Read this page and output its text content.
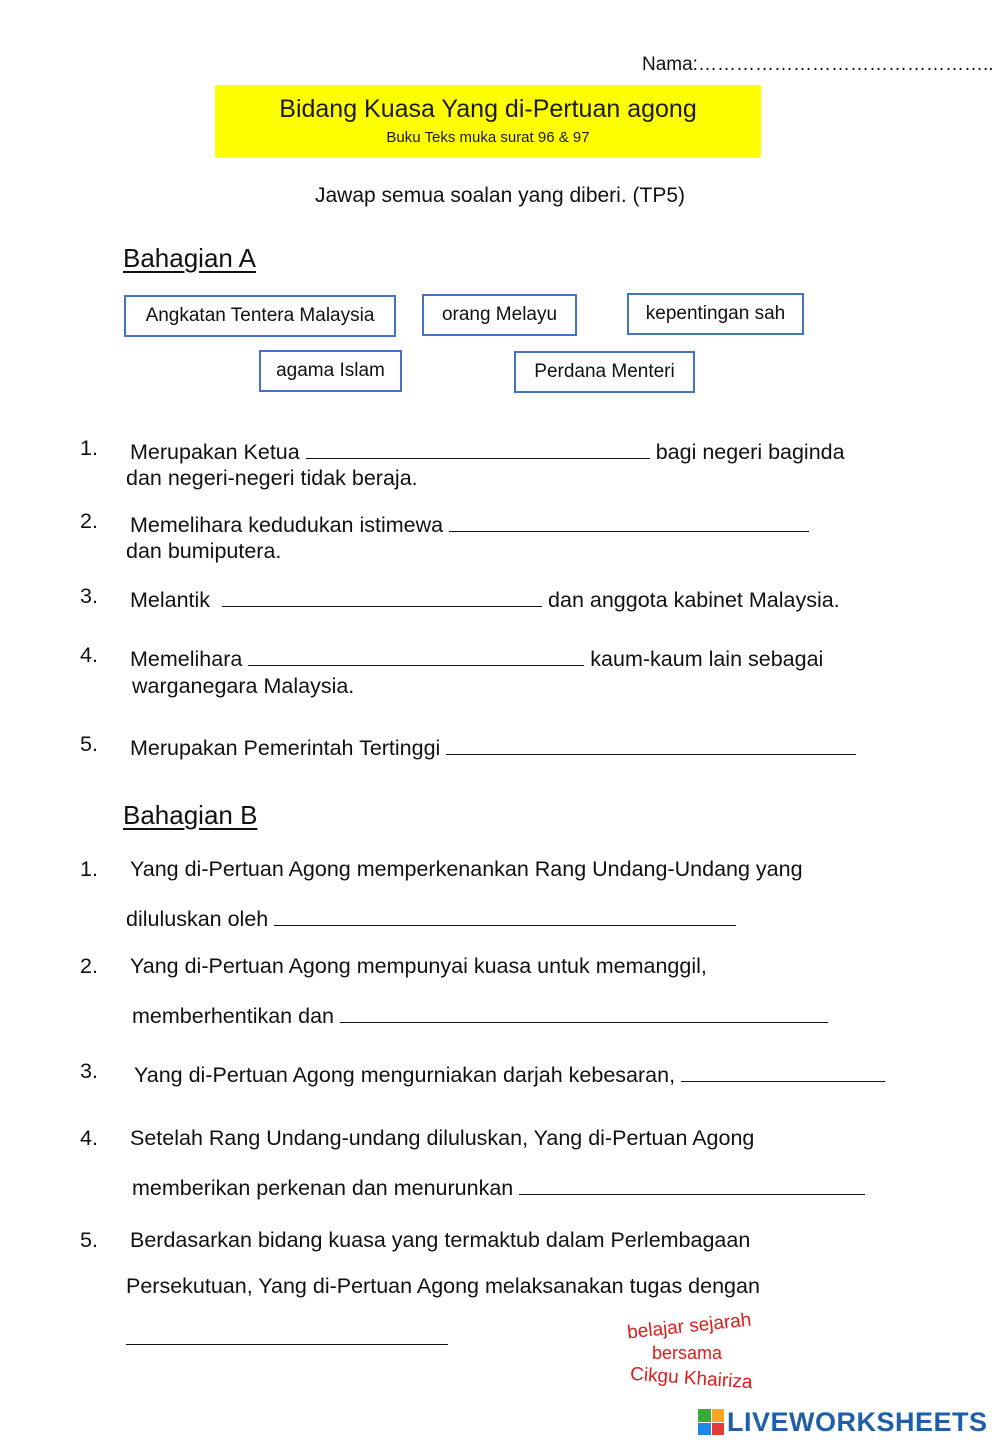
Nama:………………………………………..
Bidang Kuasa Yang di-Pertuan agong
Buku Teks muka surat 96 & 97
Jawap semua soalan yang diberi. (TP5)
Bahagian A
Angkatan Tentera Malaysia	orang Melayu	kepentingan sah
agama Islam	Perdana Menteri
1. Merupakan Ketua	bagi negeri baginda
dan negeri-negeri tidak beraja.
2. Memelihara kedudukan istimewa
dan bumiputera.
3. Melantik	dan anggota kabinet Malaysia.
4. Memelihara	kaum-kaum lain sebagai
warganegara Malaysia.
5. Merupakan Pemerintah Tertinggi
Bahagian B
1. Yang di-Pertuan Agong memperkenankan Rang Undang-Undang yang
diluluskan oleh
2. Yang di-Pertuan Agong mempunyai kuasa untuk memanggil,
memberhentikan dan
3. Yang di-Pertuan Agong mengurniakan darjah kebesaran,
4. Setelah Rang Undang-undang diluluskan, Yang di-Pertuan Agong
memberikan perkenan dan menurunkan
5. Berdasarkan bidang kuasa yang termaktub dalam Perlembagaan
Persekutuan, Yang di-Pertuan Agong melaksanakan tugas dengan
belajar sejarah
bersama
Cikgu Khairiza
LIVEWORKSHEETS
